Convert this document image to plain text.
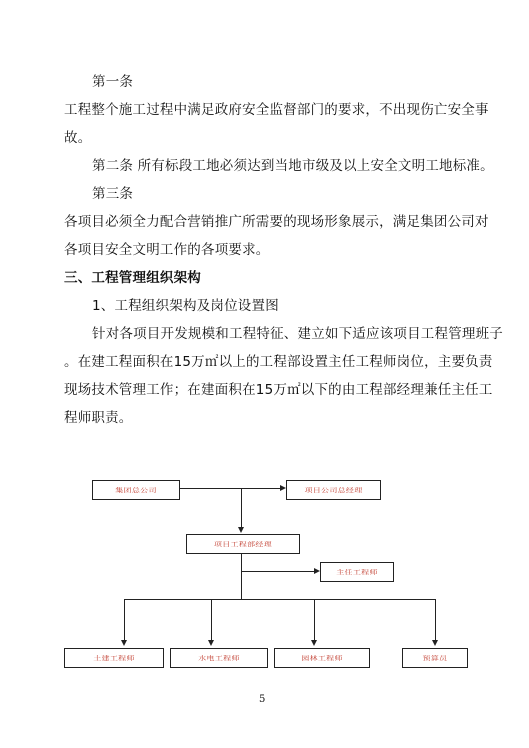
第一条
工程整个施工过程中满足政府安全监督部门的要求，不出现伤亡安全事
故。
第二条 所有标段工地必须达到当地市级及以上安全文明工地标准。
第三条
各项目必须全力配合营销推广所需要的现场形象展示，满足集团公司对
各项目安全文明工作的各项要求。
三、工程管理组织架构
1、工程组织架构及岗位设置图
针对各项目开发规模和工程特征、建立如下适应该项目工程管理班子
。在建工程面积在15万㎡以上的工程部设置主任工程师岗位，主要负责
现场技术管理工作；在建面积在15万㎡以下的由工程部经理兼任主任工
程师职责。
集团总公司	项目公司总经理
项目工程部经理
主任工程师
土建工程师	水电工程师	园林工程师	预算员
5
